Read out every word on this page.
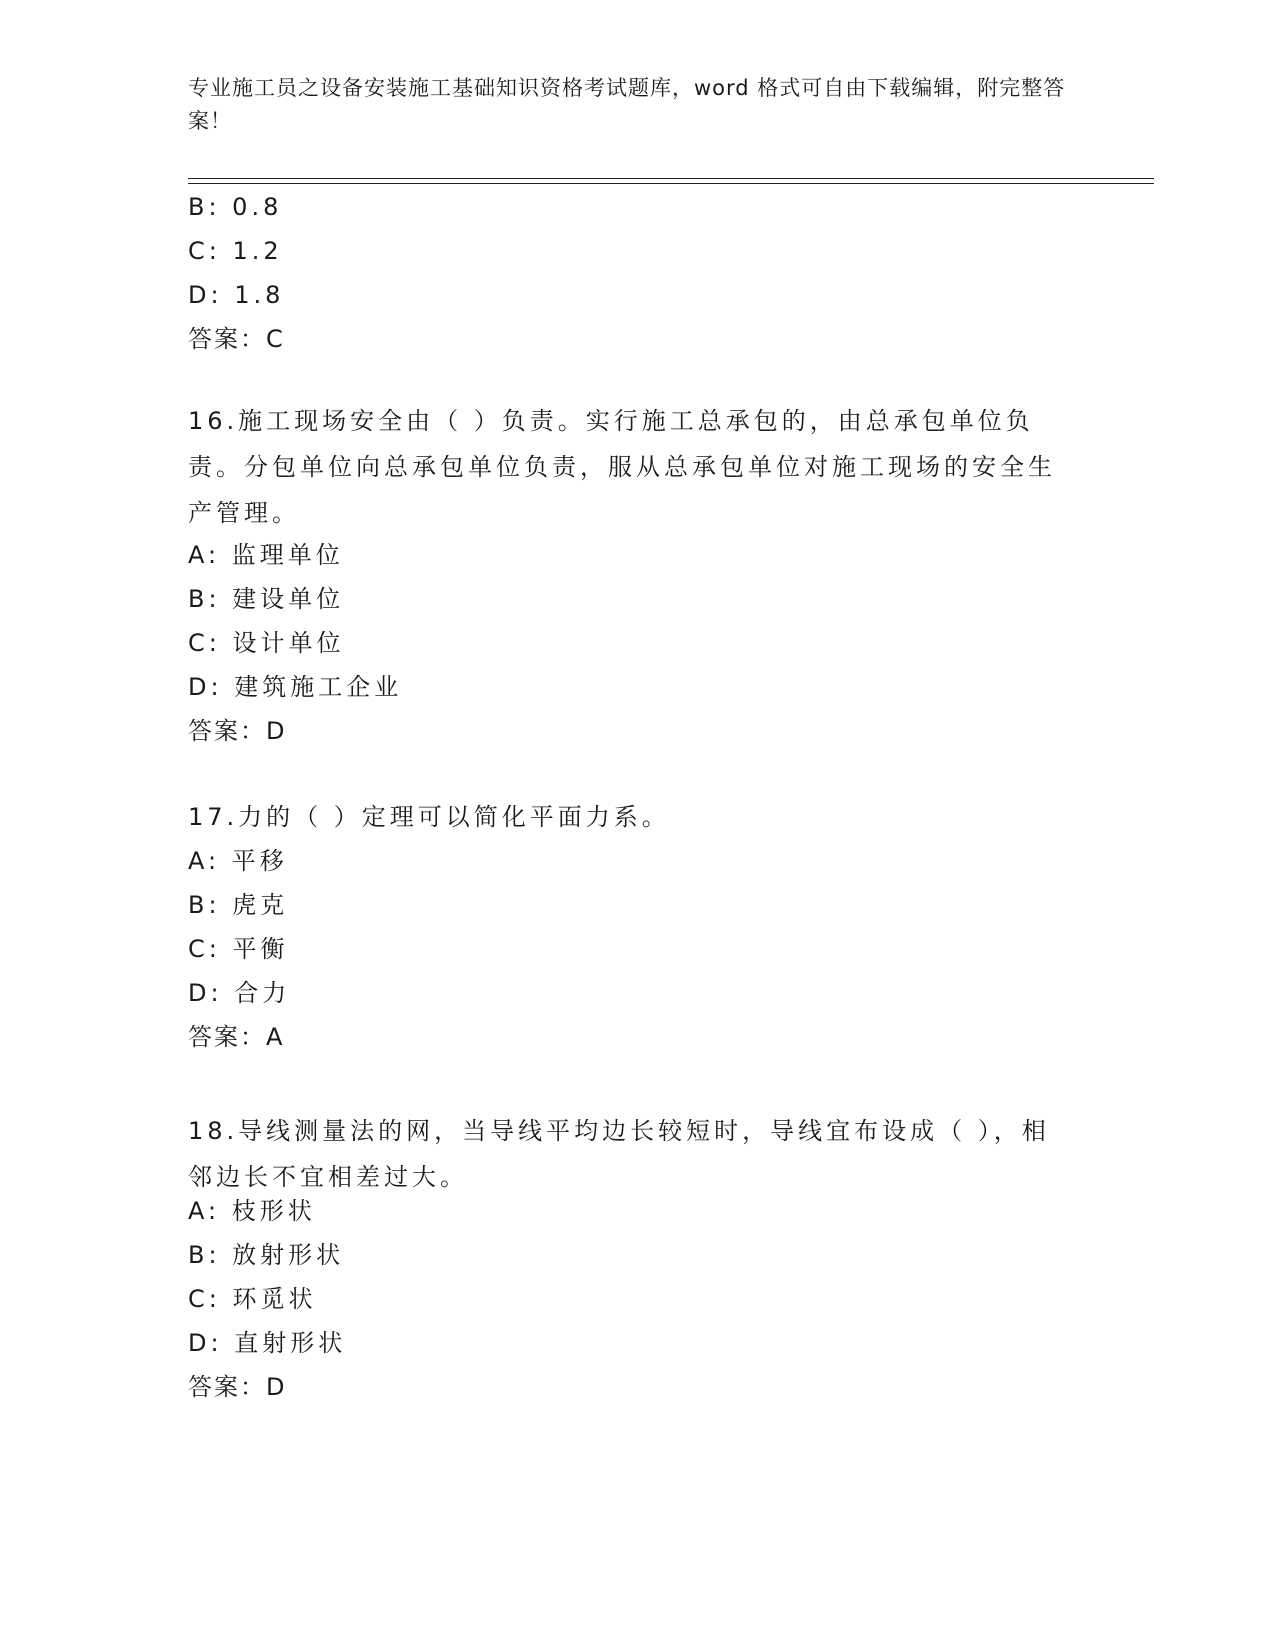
专业施工员之设备安装施工基础知识资格考试题库，word 格式可自由下载编辑，附完整答案！
B: 0.8
C: 1.2
D: 1.8
答案：C
16.施工现场安全由（ ）负责。实行施工总承包的，由总承包单位负责。分包单位向总承包单位负责，服从总承包单位对施工现场的安全生产管理。
A: 监理单位
B: 建设单位
C: 设计单位
D: 建筑施工企业
答案：D
17.力的（ ）定理可以简化平面力系。
A: 平移
B: 虎克
C: 平衡
D: 合力
答案：A
18.导线测量法的网，当导线平均边长较短时，导线宜布设成（ ），相邻边长不宜相差过大。
A: 枝形状
B: 放射形状
C: 环觅状
D: 直射形状
答案：D
